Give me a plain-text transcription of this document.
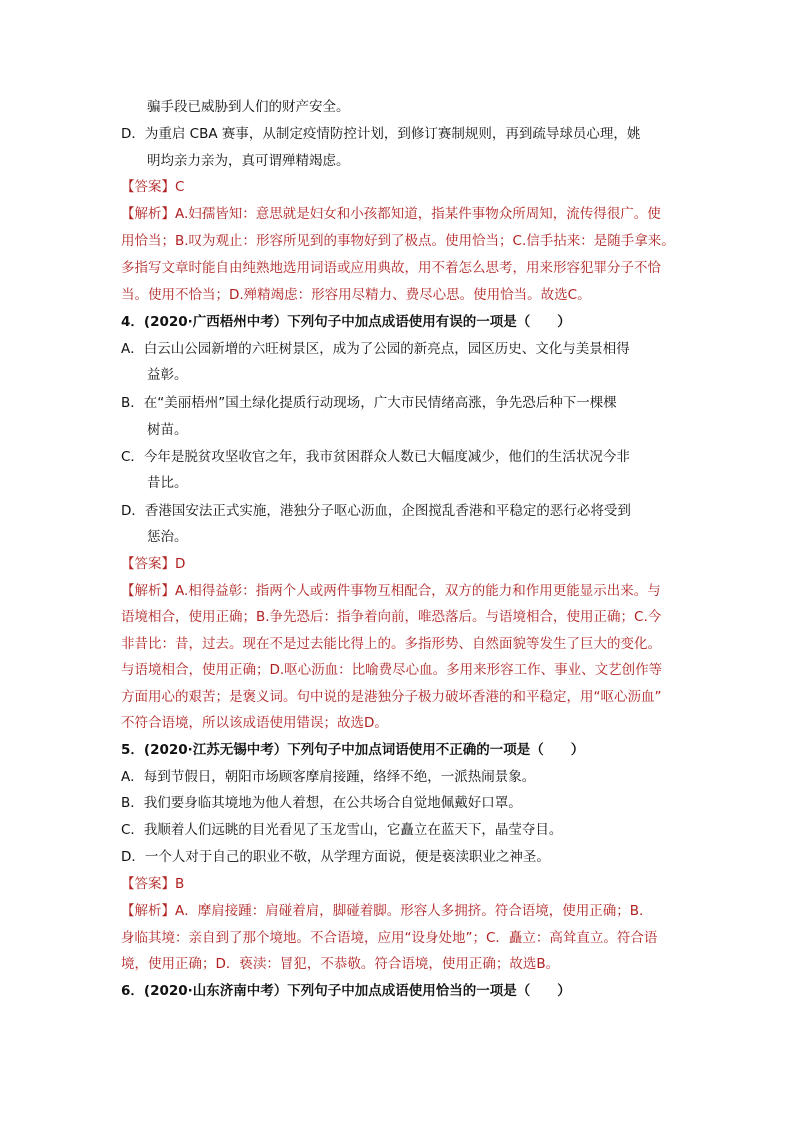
骗手段已威胁到人们的财产安全。
D．为重启 CBA 赛事，从制定疫情防控计划，到修订赛制规则，再到疏导球员心理，姚
明均亲力亲为，真可谓殚精竭虑。
【答案】C
【解析】A.妇孺皆知：意思就是妇女和小孩都知道，指某件事物众所周知，流传得很广。使
用恰当；B.叹为观止：形容所见到的事物好到了极点。使用恰当；C.信手拈来：是随手拿来。
多指写文章时能自由纯熟地选用词语或应用典故，用不着怎么思考，用来形容犯罪分子不恰
当。使用不恰当；D.殚精竭虑：形容用尽精力、费尽心思。使用恰当。故选C。
4．(2020·广西梧州中考）下列句子中加点成语使用有误的一项是（　　）
A．白云山公园新增的六旺树景区，成为了公园的新亮点，园区历史、文化与美景相得
益彰。
B．在“美丽梧州”国土绿化提质行动现场，广大市民情绪高涨，争先恐后种下一棵棵
树苗。
C．今年是脱贫攻坚收官之年，我市贫困群众人数已大幅度减少，他们的生活状况今非
昔比。
D．香港国安法正式实施，港独分子呕心沥血，企图搅乱香港和平稳定的恶行必将受到
惩治。
【答案】D
【解析】A.相得益彰：指两个人或两件事物互相配合，双方的能力和作用更能显示出来。与
语境相合，使用正确；B.争先恐后：指争着向前，唯恐落后。与语境相合，使用正确；C.今
非昔比：昔，过去。现在不是过去能比得上的。多指形势、自然面貌等发生了巨大的变化。
与语境相合，使用正确；D.呕心沥血：比喻费尽心血。多用来形容工作、事业、文艺创作等
方面用心的艰苦；是褒义词。句中说的是港独分子极力破坏香港的和平稳定，用“呕心沥血”
不符合语境，所以该成语使用错误；故选D。
5．(2020·江苏无锡中考）下列句子中加点词语使用不正确的一项是（　　）
A．每到节假日，朝阳市场顾客摩肩接踵，络绎不绝，一派热闹景象。
B．我们要身临其境地为他人着想，在公共场合自觉地佩戴好口罩。
C．我顺着人们远眺的目光看见了玉龙雪山，它矗立在蓝天下，晶莹夺目。
D．一个人对于自己的职业不敬，从学理方面说，便是亵渎职业之神圣。
【答案】B
【解析】A．摩肩接踵：肩碰着肩，脚碰着脚。形容人多拥挤。符合语境，使用正确；B.
身临其境：亲自到了那个境地。不合语境，应用“设身处地”；C．矗立：高耸直立。符合语
境，使用正确；D．亵渎：冒犯，不恭敬。符合语境，使用正确；故选B。
6．(2020·山东济南中考）下列句子中加点成语使用恰当的一项是（　　）
